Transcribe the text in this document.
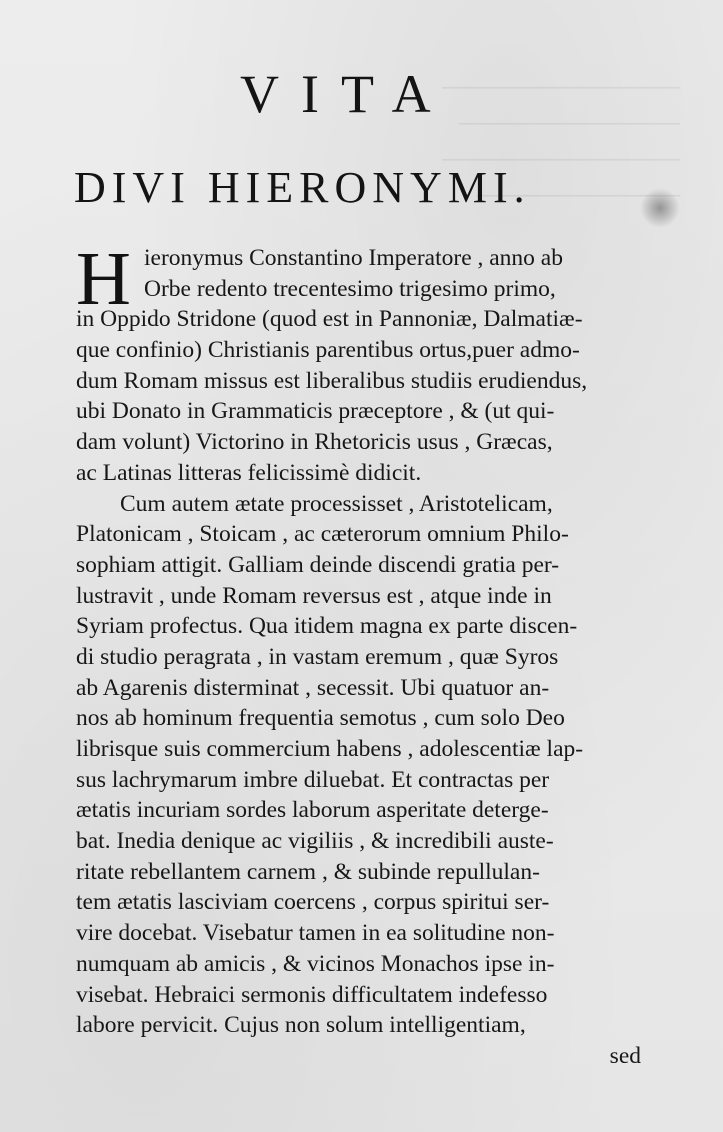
──────────────
─────────────
──────────────
────────────
VITA
DIVI HIERONYMI.
H ieronymus Constantino Imperatore , anno ab
Orbe redento trecentesimo trigesimo primo,
in Oppido Stridone (quod est in Pannoniæ, Dalmatiæ-
que confinio) Christianis parentibus ortus,puer admo-
dum Romam missus est liberalibus studiis erudiendus,
ubi Donato in Grammaticis præceptore , & (ut qui-
dam volunt) Victorino in Rhetoricis usus , Græcas,
ac Latinas litteras felicissimè didicit.
Cum autem ætate processisset , Aristotelicam,
Platonicam , Stoicam , ac cæterorum omnium Philo-
sophiam attigit. Galliam deinde discendi gratia per-
lustravit , unde Romam reversus est , atque inde in
Syriam profectus. Qua itidem magna ex parte discen-
di studio peragrata , in vastam eremum , quæ Syros
ab Agarenis disterminat , secessit. Ubi quatuor an-
nos ab hominum frequentia semotus , cum solo Deo
librisque suis commercium habens , adolescentiæ lap-
sus lachrymarum imbre diluebat. Et contractas per
ætatis incuriam sordes laborum asperitate deterge-
bat. Inedia denique ac vigiliis , & incredibili auste-
ritate rebellantem carnem , & subinde repullulan-
tem ætatis lasciviam coercens , corpus spiritui ser-
vire docebat. Visebatur tamen in ea solitudine non-
numquam ab amicis , & vicinos Monachos ipse in-
visebat. Hebraici sermonis difficultatem indefesso
labore pervicit. Cujus non solum intelligentiam,
sed
